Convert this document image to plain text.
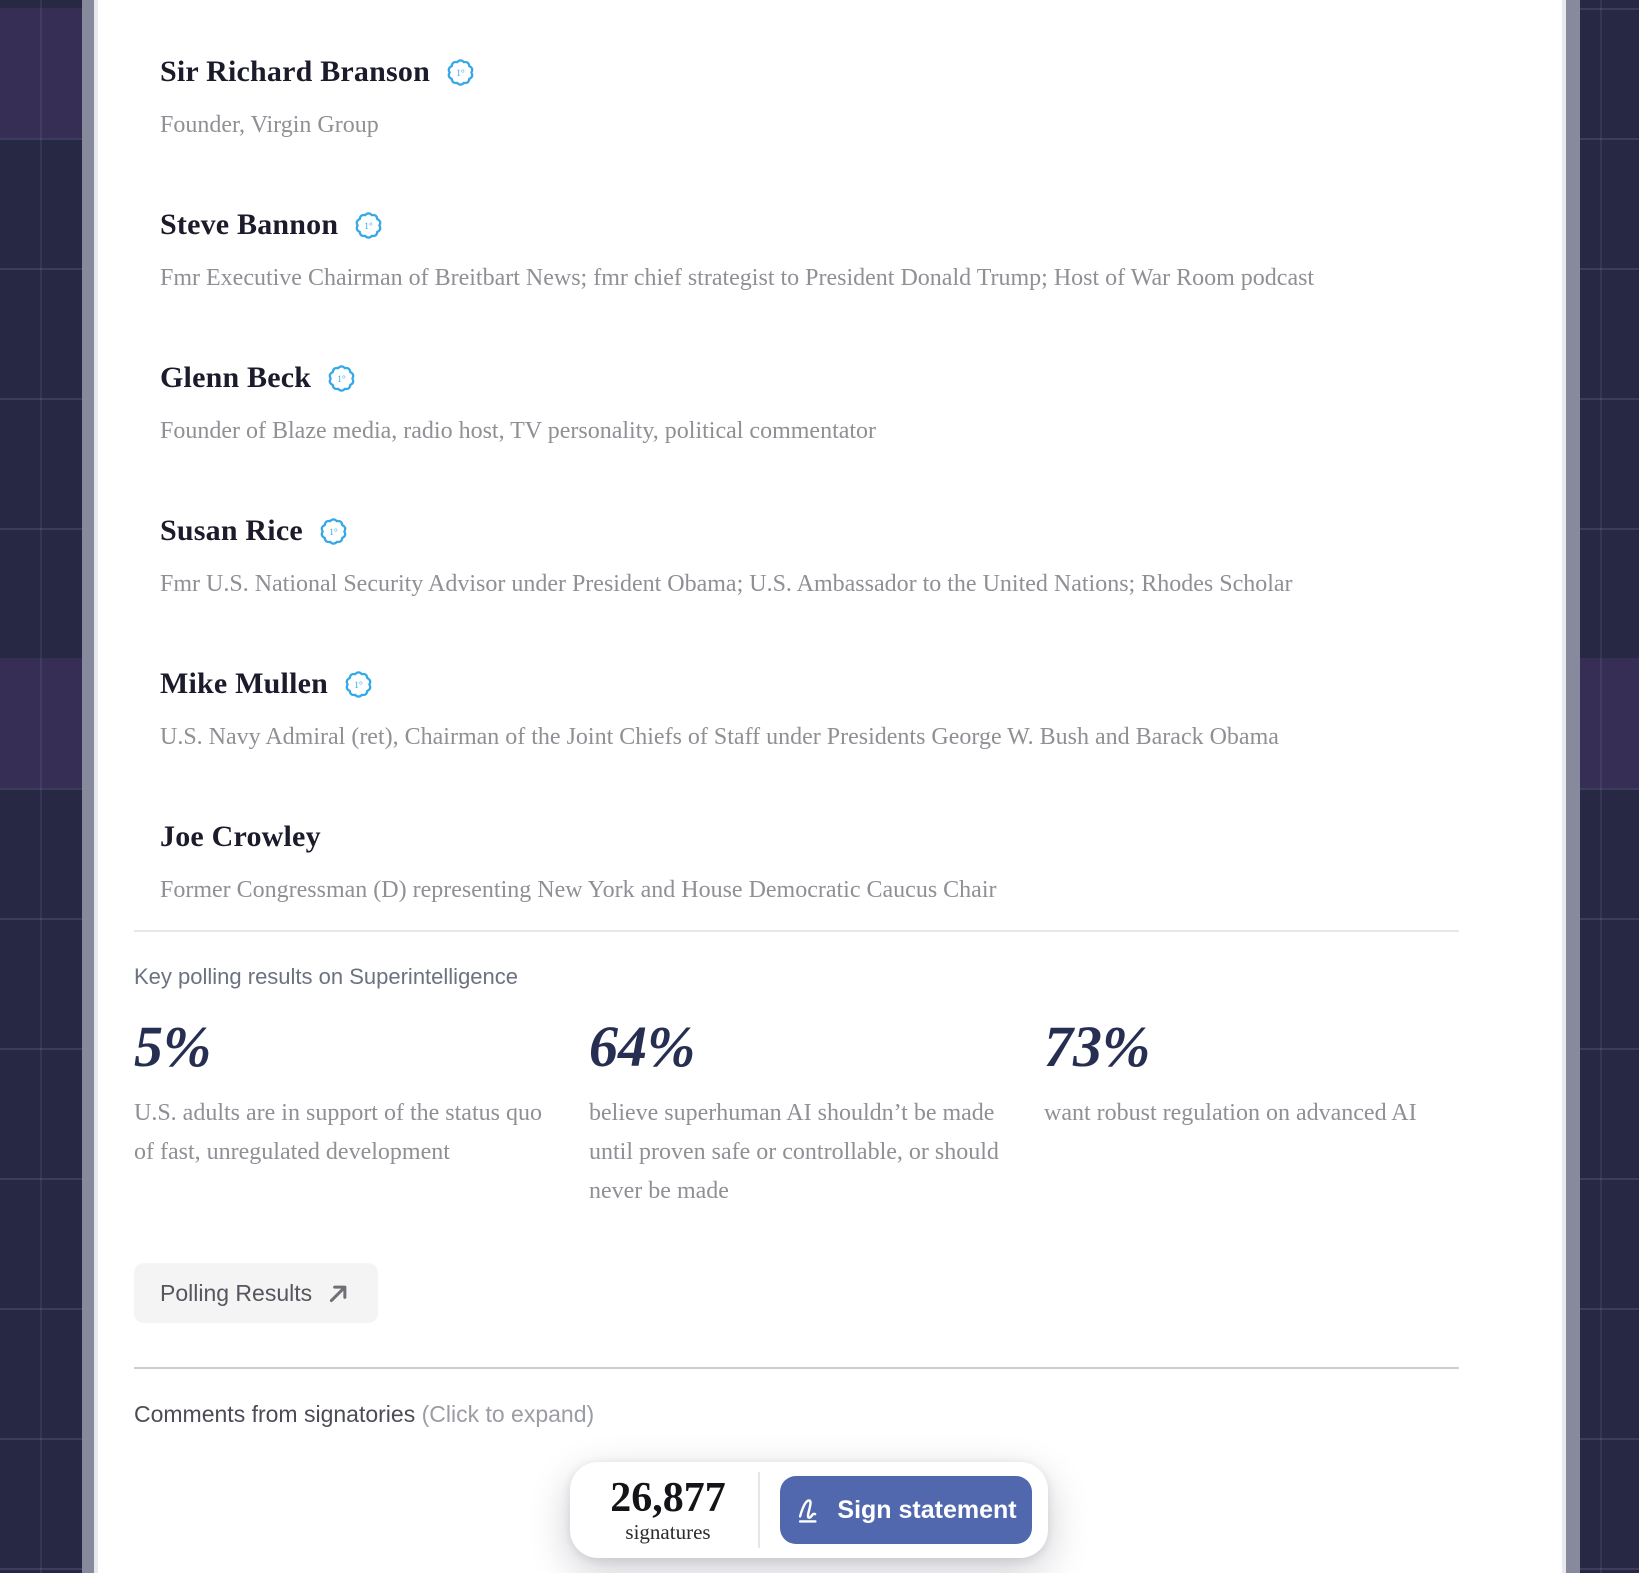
Sir Richard Branson	1°
Founder, Virgin Group
Steve Bannon	1°
Fmr Executive Chairman of Breitbart News; fmr chief strategist to President Donald Trump; Host of War Room podcast
Glenn Beck	1°
Founder of Blaze media, radio host, TV personality, political commentator
Susan Rice	1°
Fmr U.S. National Security Advisor under President Obama; U.S. Ambassador to the United Nations; Rhodes Scholar
Mike Mullen	1°
U.S. Navy Admiral (ret), Chairman of the Joint Chiefs of Staff under Presidents George W. Bush and Barack Obama
Joe Crowley
Former Congressman (D) representing New York and House Democratic Caucus Chair
Key polling results on Superintelligence
5%
U.S. adults are in support of the status quo of fast, unregulated development
64%
believe superhuman AI shouldn’t be made until proven safe or controllable, or should never be made
73%
want robust regulation on advanced AI
Polling Results
Comments from signatories (Click to expand)
26,877
signatures
Sign statement
